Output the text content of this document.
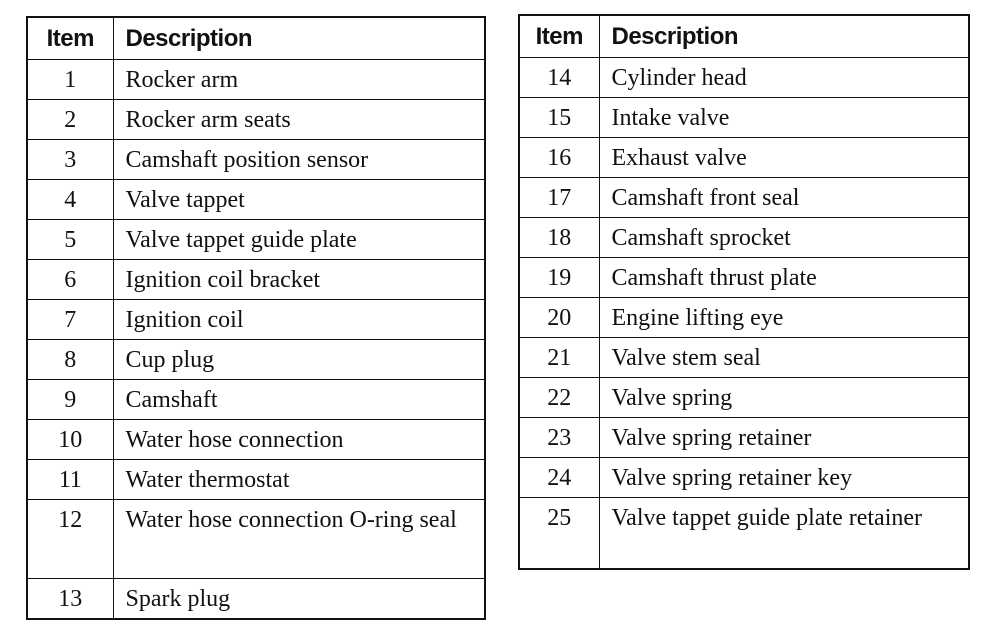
Item	Description
1	Rocker arm
2	Rocker arm seats
3	Camshaft position sensor
4	Valve tappet
5	Valve tappet guide plate
6	Ignition coil bracket
7	Ignition coil
8	Cup plug
9	Camshaft
10	Water hose connection
11	Water thermostat
12	Water hose connection O-ring seal
13	Spark plug
Item	Description
14	Cylinder head
15	Intake valve
16	Exhaust valve
17	Camshaft front seal
18	Camshaft sprocket
19	Camshaft thrust plate
20	Engine lifting eye
21	Valve stem seal
22	Valve spring
23	Valve spring retainer
24	Valve spring retainer key
25	Valve tappet guide plate retainer
